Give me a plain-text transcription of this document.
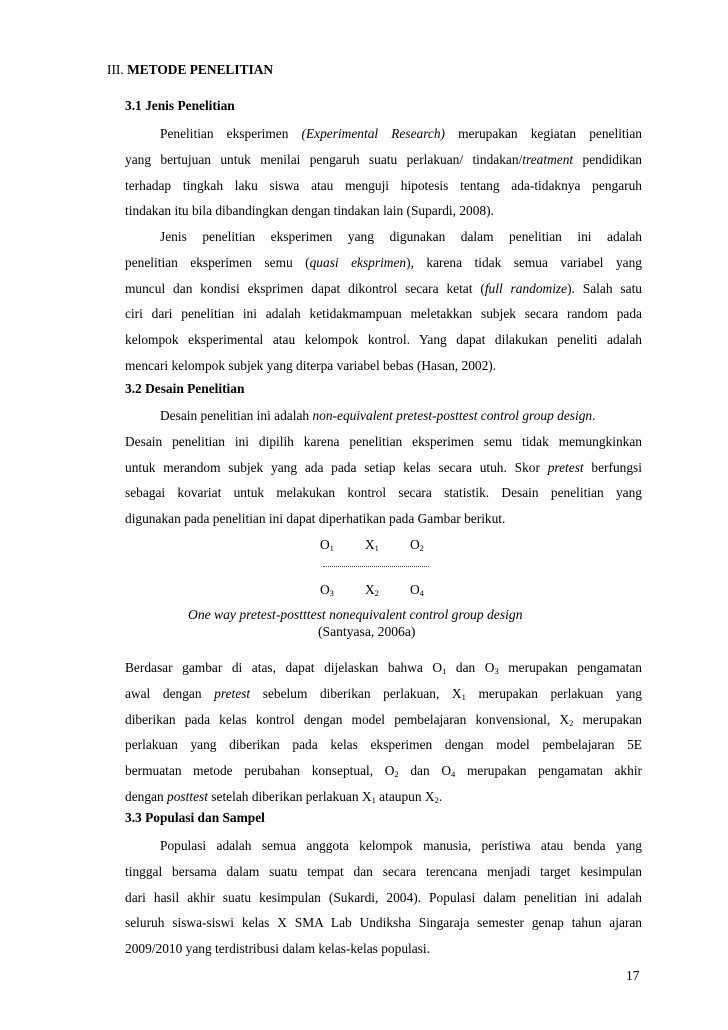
III. METODE PENELITIAN
3.1 Jenis Penelitian
Penelitian eksperimen (Experimental Research) merupakan kegiatan penelitian
yang bertujuan untuk menilai pengaruh suatu perlakuan/ tindakan/treatment pendidikan
terhadap tingkah laku siswa atau menguji hipotesis tentang ada-tidaknya pengaruh
tindakan itu bila dibandingkan dengan tindakan lain (Supardi, 2008).
Jenis penelitian eksperimen yang digunakan dalam penelitian ini adalah
penelitian eksperimen semu (quasi eksprimen), karena tidak semua variabel yang
muncul dan kondisi eksprimen dapat dikontrol secara ketat (full randomize). Salah satu
ciri dari penelitian ini adalah ketidakmampuan meletakkan subjek secara random pada
kelompok eksperimental atau kelompok kontrol. Yang dapat dilakukan peneliti adalah
mencari kelompok subjek yang diterpa variabel bebas (Hasan, 2002).
3.2 Desain Penelitian
Desain penelitian ini adalah non-equivalent pretest-posttest control group design.
Desain penelitian ini dipilih karena penelitian eksperimen semu tidak memungkinkan
untuk merandom subjek yang ada pada setiap kelas secara utuh. Skor pretest berfungsi
sebagai kovariat untuk melakukan kontrol secara statistik. Desain penelitian yang
digunakan pada penelitian ini dapat diperhatikan pada Gambar berikut.
$O_1$ $X_1$ $O_2$
$O_3$ $X_2$ $O_4$
One way pretest-postttest nonequivalent control group design
(Santyasa, 2006a)
Berdasar gambar di atas, dapat dijelaskan bahwa $O_1$ dan $O_3$ merupakan pengamatan
awal dengan pretest sebelum diberikan perlakuan, $X_1$ merupakan perlakuan yang
diberikan pada kelas kontrol dengan model pembelajaran konvensional, $X_2$ merupakan
perlakuan yang diberikan pada kelas eksperimen dengan model pembelajaran 5E
bermuatan metode perubahan konseptual, $O_2$ dan $O_4$ merupakan pengamatan akhir
dengan posttest setelah diberikan perlakuan $X_1$ ataupun $X_2$.
3.3 Populasi dan Sampel
Populasi adalah semua anggota kelompok manusia, peristiwa atau benda yang
tinggal bersama dalam suatu tempat dan secara terencana menjadi target kesimpulan
dari hasil akhir suatu kesimpulan (Sukardi, 2004). Populasi dalam penelitian ini adalah
seluruh siswa-siswi kelas X SMA Lab Undiksha Singaraja semester genap tahun ajaran
2009/2010 yang terdistribusi dalam kelas-kelas populasi.
17
